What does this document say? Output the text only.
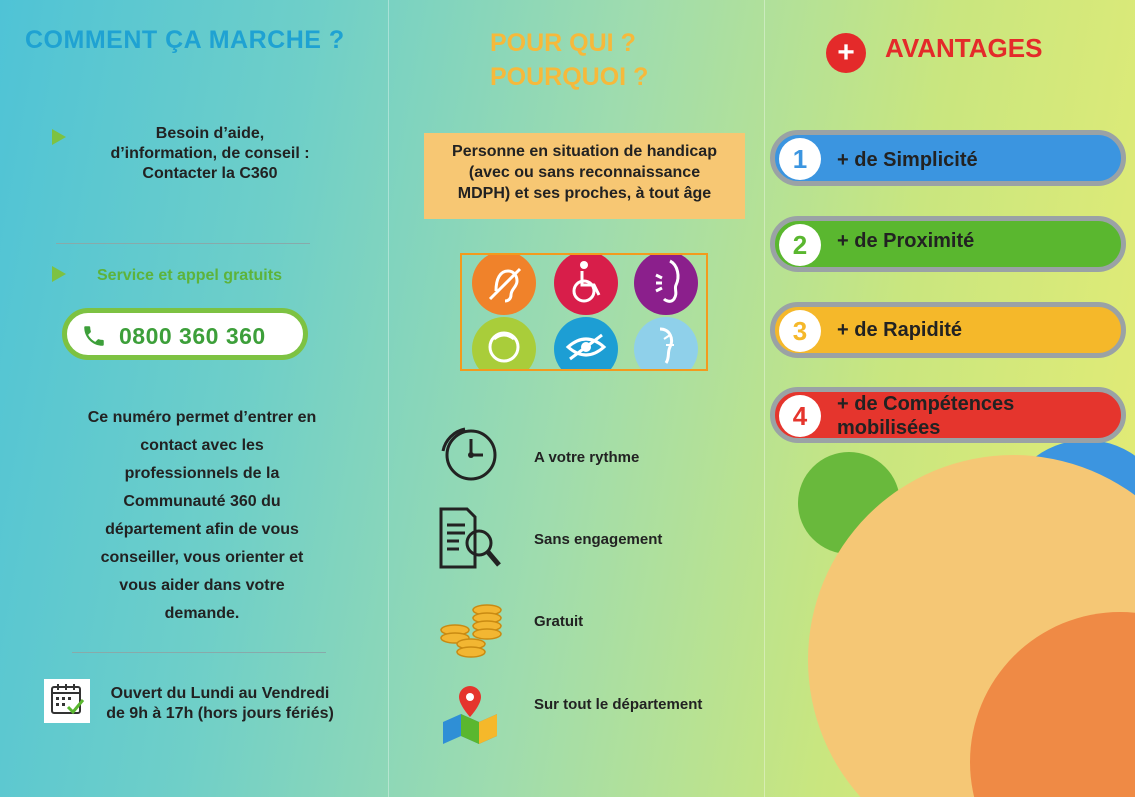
COMMENT ÇA MARCHE ?
Besoin d’aide,
d’information, de conseil :
Contacter la C360
Service et appel gratuits
0800 360 360
Ce numéro permet d’entrer en
contact avec les
professionnels de la
Communauté 360 du
département afin de vous
conseiller, vous orienter et
vous aider dans votre
demande.
Ouvert du Lundi au Vendredi
de 9h à 17h (hors jours fériés)
POUR QUI ?
POURQUOI ?
Personne en situation de handicap
(avec ou sans reconnaissance
MDPH) et ses proches, à tout âge
A votre rythme
Sans engagement
Gratuit
Sur tout le département
+	AVANTAGES
1	+ de Simplicité
2	+ de Proximité
3	+ de Rapidité
4	+ de Compétences
mobilisées
